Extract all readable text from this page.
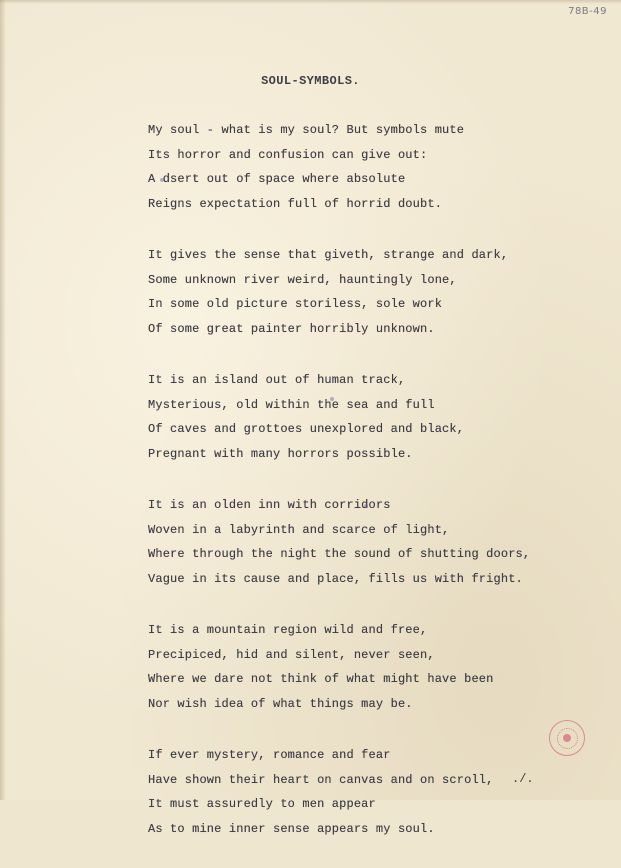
78B-49
SOUL-SYMBOLS.
My soul - what is my soul? But symbols mute
Its horror and confusion can give out:
A dsert out of space where absolute
Reigns expectation full of horrid doubt.
It gives the sense that giveth, strange and dark,
Some unknown river weird, hauntingly lone,
In some old picture storiless, sole work
Of some great painter horribly unknown.
It is an island out of human track,
Mysterious, old within the sea and full
Of caves and grottoes unexplored and black,
Pregnant with many horrors possible.
It is an olden inn with corridors
Woven in a labyrinth and scarce of light,
Where through the night the sound of shutting doors,
Vague in its cause and place, fills us with fright.
It is a mountain region wild and free,
Precipiced, hid and silent, never seen,
Where we dare not think of what might have been
Nor wish idea of what things may be.
If ever mystery, romance and fear
Have shown their heart on canvas and on scroll,
It must assuredly to men appear
As to mine inner sense appears my soul.
./.
